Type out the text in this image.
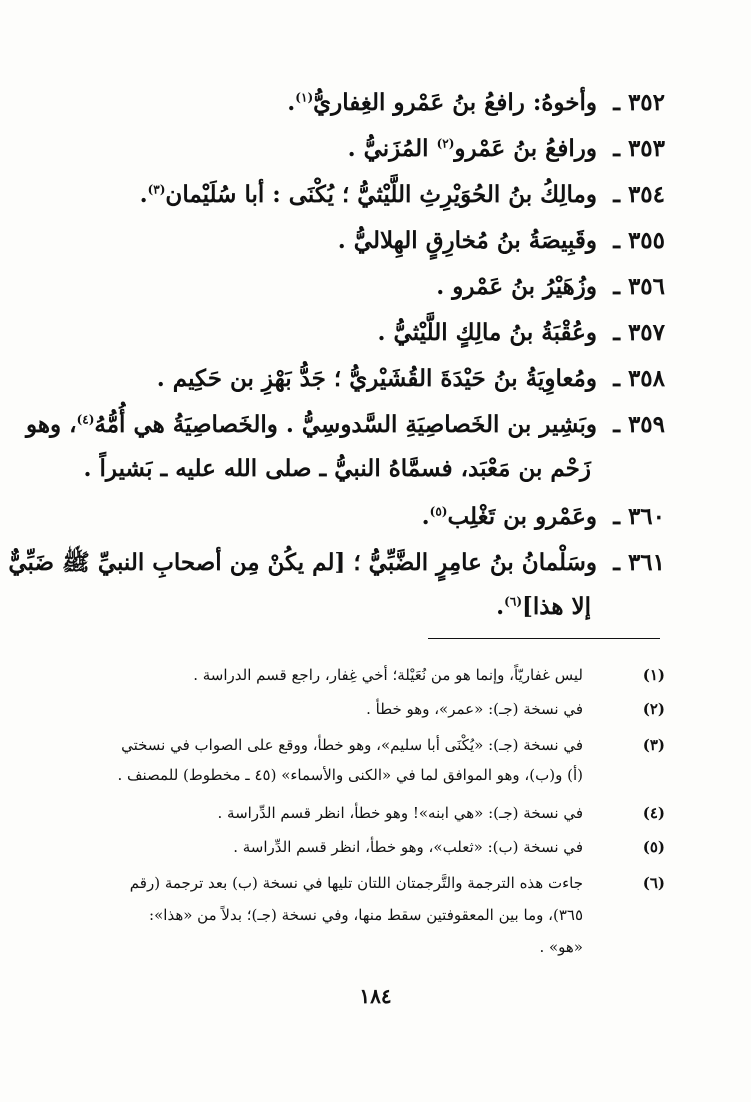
٣٥٢ ـوأخوهُ: رافعُ بنُ عَمْرو الغِفاريُّ$^{(١)}$.
٣٥٣ ـورافعُ بنُ عَمْرو$^{(٢)}$ المُزَنيُّ .
٣٥٤ ـومالِكُ بنُ الحُوَيْرِثِ اللَّيْثيُّ ؛ يُكْنَى : أبا سُلَيْمان$^{(٣)}$.
٣٥٥ ـوقَبِيصَةُ بنُ مُخارِقٍ الهِلاليُّ .
٣٥٦ ـوزُهَيْرُ بنُ عَمْرو .
٣٥٧ ـوعُقْبَةُ بنُ مالِكٍ اللَّيْثيُّ .
٣٥٨ ـومُعاوِيَةُ بنُ حَيْدَةَ القُشَيْريُّ ؛ جَدُّ بَهْزِ بن حَكِيم .
٣٥٩ ـوبَشِير بن الخَصاصِيَةِ السَّدوسِيُّ . والخَصاصِيَةُ هي أُمُّهُ$^{(٤)}$، وهو
زَحْم بن مَعْبَد، فسمَّاهُ النبيُّ ـ صلى الله عليه ـ بَشيراً .
٣٦٠ ـوعَمْرو بن تَغْلِب$^{(٥)}$.
٣٦١ ـوسَلْمانُ بنُ عامِرٍ الضَّبِّيُّ ؛ [لم يكُنْ مِن أصحابِ النبيِّ ﷺ ضَبِّيٌّ
إلا هذا]$^{(٦)}$.
(١)
ليس غفاريّاً، وإنما هو من نُعَيْلة؛ أخي غِفار، راجع قسم الدراسة .
(٢)
في نسخة (جـ): «عمر»، وهو خطأ .
(٣)
في نسخة (جـ): «يُكْنَى أبا سليم»، وهو خطأ، ووقع على الصواب في نسختي
(أ) و(ب)، وهو الموافق لما في «الكنى والأسماء» (٤٥ ـ مخطوط) للمصنف .
(٤)
في نسخة (جـ): «هي ابنه»! وهو خطأ، انظر قسم الدِّراسة .
(٥)
في نسخة (ب): «ثعلب»، وهو خطأ، انظر قسم الدِّراسة .
(٦)
جاءت هذه الترجمة والتَّرجمتان اللتان تليها في نسخة (ب) بعد ترجمة (رقم
٣٦٥)، وما بين المعقوفتين سقط منها، وفي نسخة (جـ)؛ بدلاً من «هذا»:
«هو» .
١٨٤
